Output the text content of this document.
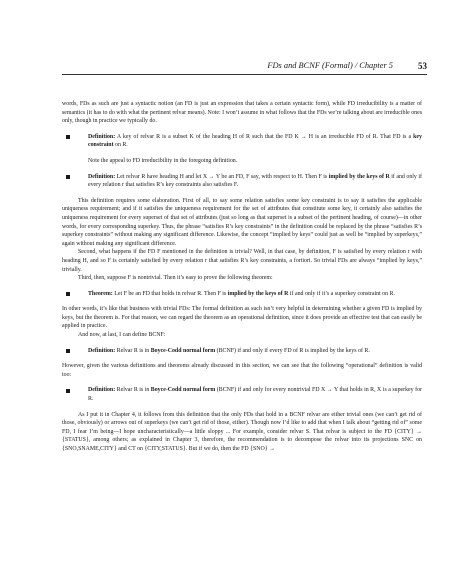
FDs and BCNF (Formal) / Chapter 5	53

words, FDs as such are just a syntactic notion (an FD is just an expression that takes a certain syntactic form), while FD irreducibility is a matter of semantics (it has to do with what the pertinent relvar means). Note: I won’t assume in what follows that the FDs we’re talking about are irreducible ones only, though in practice we typically do.

Definition: A key of relvar R is a subset K of the heading H of R such that the FD K → H is an irreducible FD of R. That FD is a key constraint on R.

Note the appeal to FD irreducibility in the foregoing definition.

Definition: Let relvar R have heading H and let X → Y be an FD, F say, with respect to H. Then F is implied by the keys of R if and only if every relation r that satisfies R’s key constraints also satisfies F.

This definition requires some elaboration. First of all, to say some relation satisfies some key constraint is to say it satisfies the applicable uniqueness requirement; and if it satisfies the uniqueness requirement for the set of attributes that constitute some key, it certainly also satisfies the uniqueness requirement for every superset of that set of attributes (just so long as that superset is a subset of the pertinent heading, of course)—in other words, for every corresponding superkey. Thus, the phrase “satisfies R’s key constraints” in the definition could be replaced by the phrase “satisfies R’s superkey constraints” without making any significant difference. Likewise, the concept “implied by keys” could just as well be “implied by superkeys,” again without making any significant difference.

Second, what happens if the FD F mentioned in the definition is trivial? Well, in that case, by definition, F is satisfied by every relation r with heading H, and so F is certainly satisfied by every relation r that satisfies R’s key constraints, a fortiori. So trivial FDs are always “implied by keys,” trivially.

Third, then, suppose F is nontrivial. Then it’s easy to prove the following theorem:

Theorem: Let F be an FD that holds in relvar R. Then F is implied by the keys of R if and only if it’s a superkey constraint on R.

In other words, it’s like that business with trivial FDs: The formal definition as such isn’t very helpful in determining whether a given FD is implied by keys, but the theorem is. For that reason, we can regard the theorem as an operational definition, since it does provide an effective test that can easily be applied in practice.

And now, at last, I can define BCNF:

Definition: Relvar R is in Boyce-Codd normal form (BCNF) if and only if every FD of R is implied by the keys of R.

However, given the various definitions and theorems already discussed in this section, we can see that the following “operational” definition is valid too:

Definition: Relvar R is in Boyce-Codd normal form (BCNF) if and only for every nontrivial FD X → Y that holds in R, X is a superkey for R.

As I put it in Chapter 4, it follows from this definition that the only FDs that hold in a BCNF relvar are either trivial ones (we can’t get rid of those, obviously) or arrows out of superkeys (we can’t get rid of those, either). Though now I’d like to add that when I talk about “getting rid of” some FD, I fear I’m being—I hope uncharacteristically—a little sloppy ... For example, consider relvar S. That relvar is subject to the FD {CITY} → {STATUS}, among others; as explained in Chapter 3, therefore, the recommendation is to decompose the relvar into its projections SNC on {SNO,SNAME,CITY} and CT on {CITY,STATUS}. But if we do, then the FD {SNO} →
